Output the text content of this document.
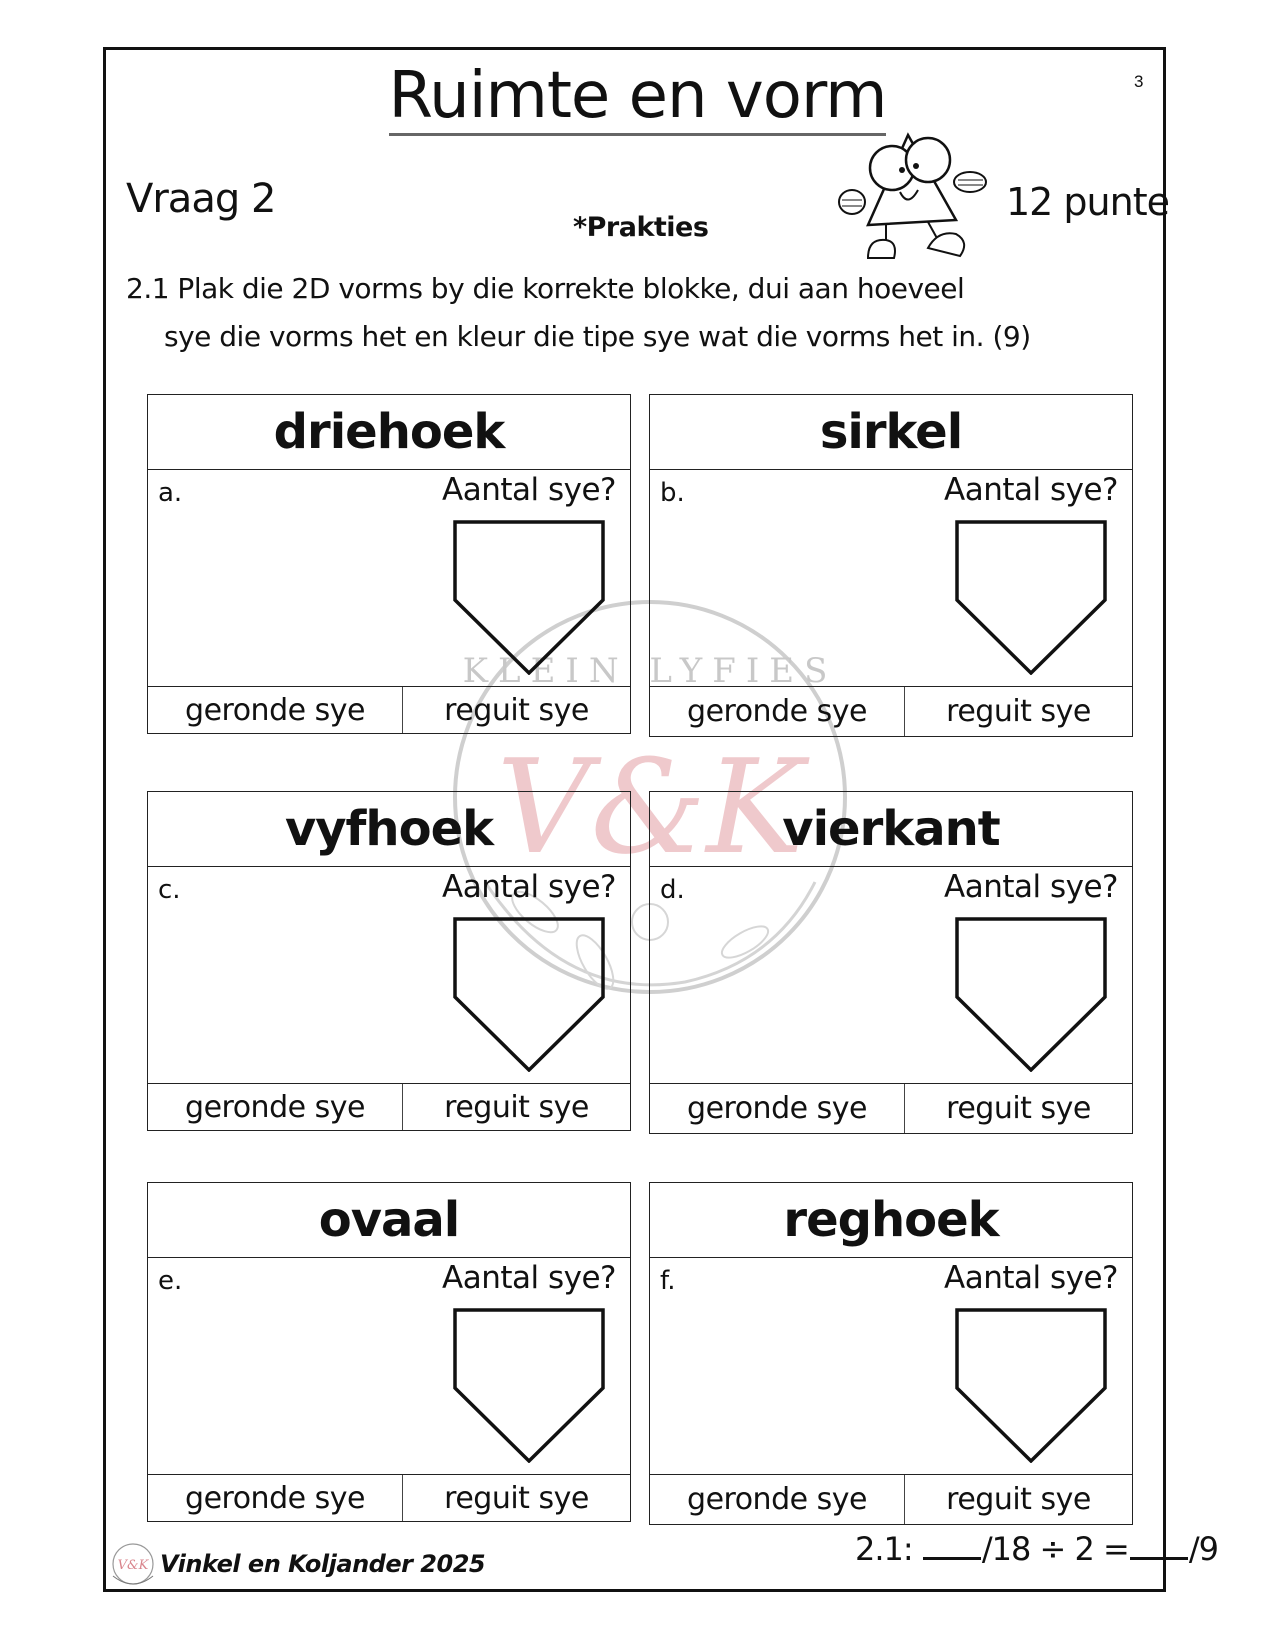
3
Ruimte en vorm
Vraag 2
*Prakties
12 punte
2.1 Plak die 2D vorms by die korrekte blokke, dui aan hoeveel
sye die vorms het en kleur die tipe sye wat die vorms het in. (9)
KLEIN LYFIES
V&K
driehoek
a.	Aantal sye?
geronde sye	reguit sye
sirkel
b.	Aantal sye?
geronde sye	reguit sye
vyfhoek
c.	Aantal sye?
geronde sye	reguit sye
vierkant
d.	Aantal sye?
geronde sye	reguit sye
ovaal
e.	Aantal sye?
geronde sye	reguit sye
reghoek
f.	Aantal sye?
geronde sye	reguit sye
V&K Vinkel en Koljander 2025	2.1: /18 ÷ 2 = /9
